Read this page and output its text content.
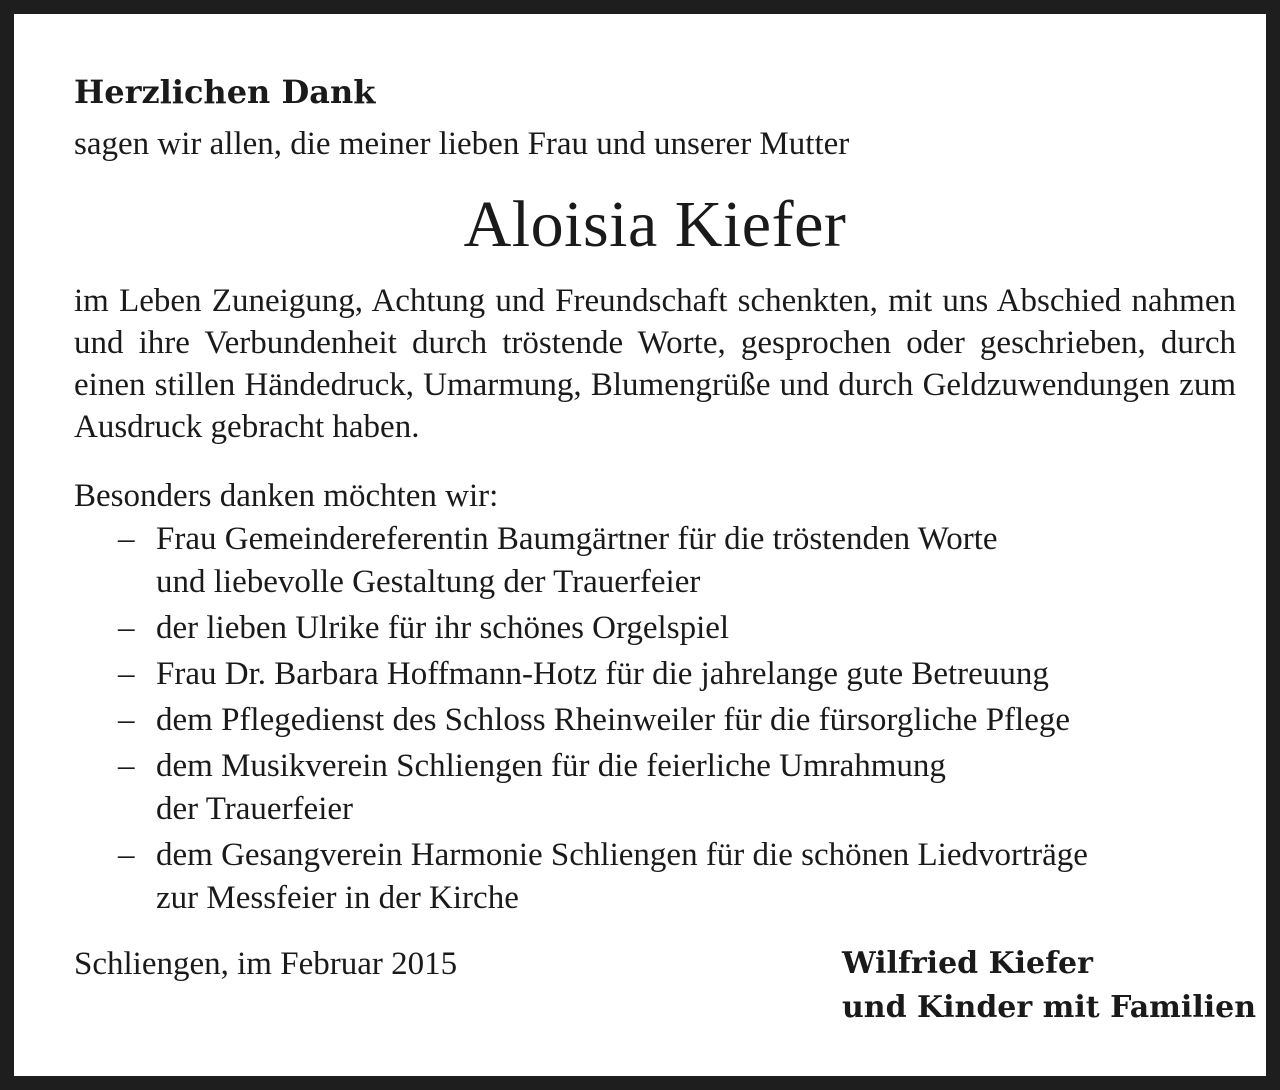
Herzlichen Dank

sagen wir allen, die meiner lieben Frau und unserer Mutter

Aloisia Kiefer

im Leben Zuneigung, Achtung und Freundschaft schenkten, mit uns Abschied nahmen und ihre Verbundenheit durch tröstende Worte, gesprochen oder geschrieben, durch einen stillen Händedruck, Umarmung, Blumengrüße und durch Geldzuwendungen zum Ausdruck gebracht haben.

Besonders danken möchten wir:

– Frau Gemeindereferentin Baumgärtner für die tröstenden Worte
und liebevolle Gestaltung der Trauerfeier
– der lieben Ulrike für ihr schönes Orgelspiel
– Frau Dr. Barbara Hoffmann-Hotz für die jahrelange gute Betreuung
– dem Pflegedienst des Schloss Rheinweiler für die fürsorgliche Pflege
– dem Musikverein Schliengen für die feierliche Umrahmung
der Trauerfeier
– dem Gesangverein Harmonie Schliengen für die schönen Liedvorträge
zur Messfeier in der Kirche
Schliengen, im Februar 2015	Wilfried Kiefer
und Kinder mit Familien
